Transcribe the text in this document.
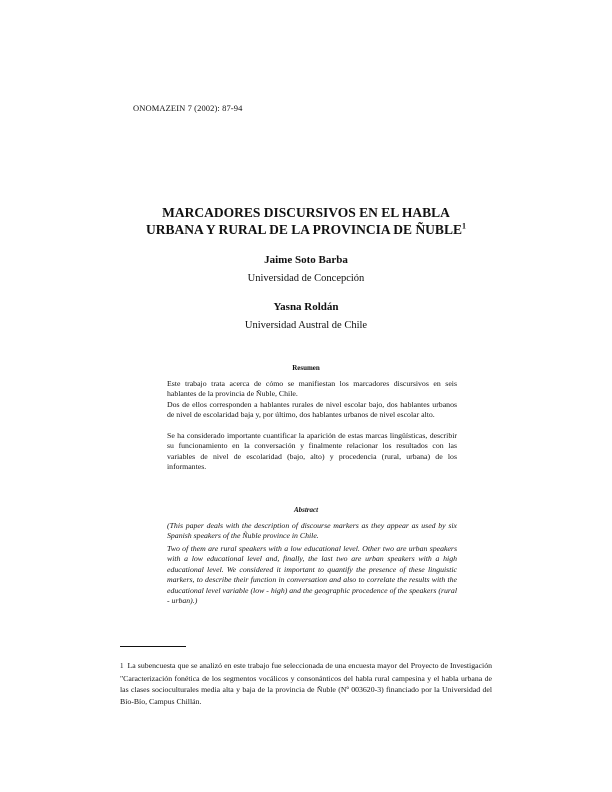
ONOMAZEIN 7 (2002): 87-94
MARCADORES DISCURSIVOS EN EL HABLA
URBANA Y RURAL DE LA PROVINCIA DE ÑUBLE$^1$
Jaime Soto Barba
Universidad de Concepción
Yasna Roldán
Universidad Austral de Chile
Resumen

Este trabajo trata acerca de cómo se manifiestan los marcadores discursivos en seis hablantes de la provincia de Ñuble, Chile.

Dos de ellos corresponden a hablantes rurales de nivel escolar bajo, dos hablantes urbanos de nivel de escolaridad baja y, por último, dos hablantes urbanos de nivel escolar alto.

Se ha considerado importante cuantificar la aparición de estas marcas lingüísticas, describir su funcionamiento en la conversación y finalmente relacionar los resultados con las variables de nivel de escolaridad (bajo, alto) y procedencia (rural, urbana) de los informantes.

Abstract

(This paper deals with the description of discourse markers as they appear as used by six Spanish speakers of the Ñuble province in Chile.

Two of them are rural speakers with a low educational level. Other two are urban speakers with a low educational level and, finally, the last two are urban speakers with a high educational level. We considered it important to quantify the presence of these linguistic markers, to describe their function in conversation and also to correlate the results with the educational level variable (low - high) and the geographic procedence of the speakers (rural - urban).)

1 La subencuesta que se analizó en este trabajo fue seleccionada de una encuesta mayor del Proyecto de Investigación "Caracterización fonética de los segmentos vocálicos y consonánticos del habla rural campesina y el habla urbana de las clases socioculturales media alta y baja de la provincia de Ñuble (Nº 003620-3) financiado por la Universidad del Bío-Bío, Campus Chillán.
